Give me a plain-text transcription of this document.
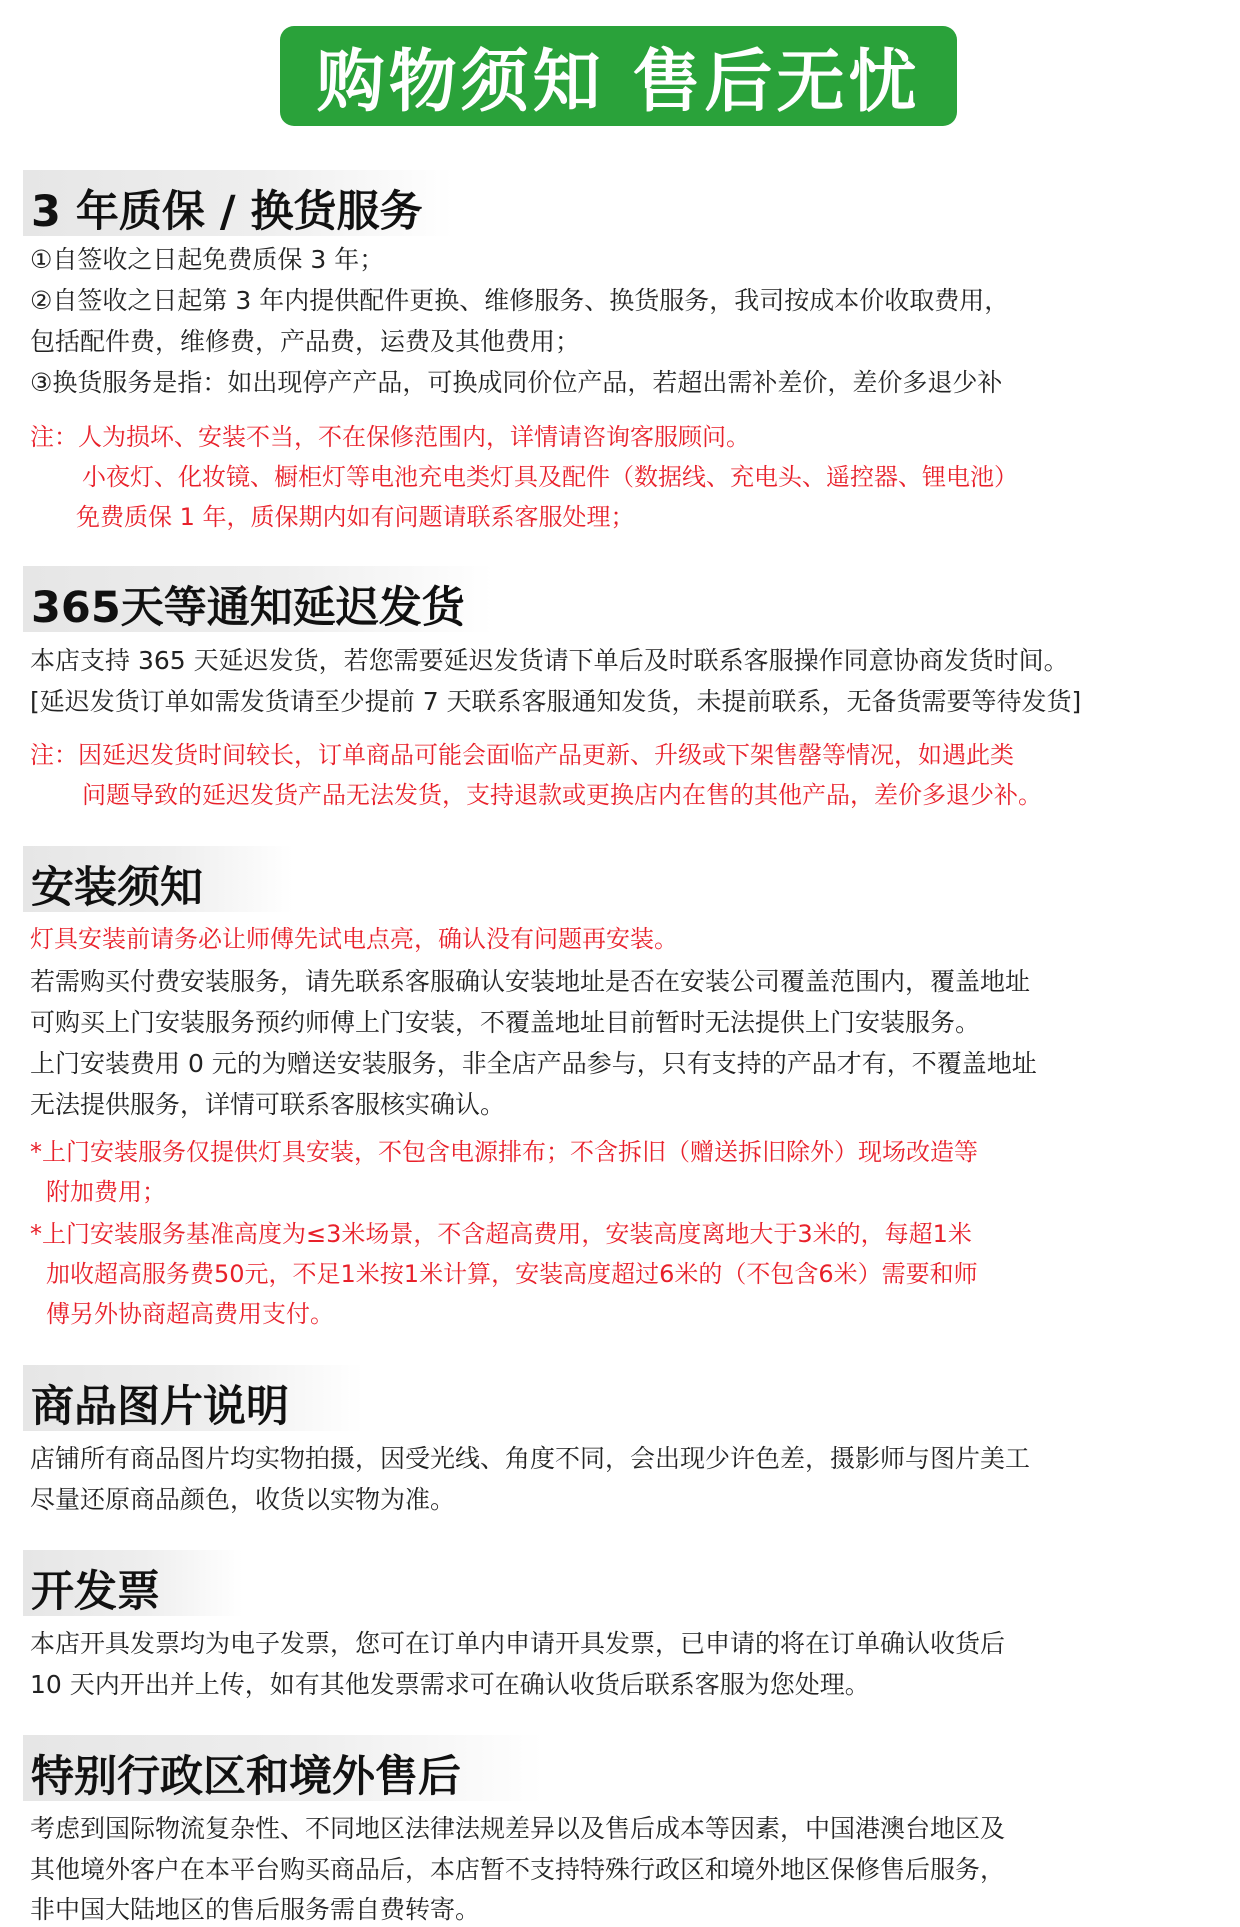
购物须知 售后无忧
3 年质保 / 换货服务
①自签收之日起免费质保 3 年；
②自签收之日起第 3 年内提供配件更换、维修服务、换货服务，我司按成本价收取费用，
包括配件费，维修费，产品费，运费及其他费用；
③换货服务是指：如出现停产产品，可换成同价位产品，若超出需补差价，差价多退少补
注：人为损坏、安装不当，不在保修范围内，详情请咨询客服顾问。
小夜灯、化妆镜、橱柜灯等电池充电类灯具及配件（数据线、充电头、遥控器、锂电池）
免费质保 1 年，质保期内如有问题请联系客服处理；
365天等通知延迟发货
本店支持 365 天延迟发货，若您需要延迟发货请下单后及时联系客服操作同意协商发货时间。
[延迟发货订单如需发货请至少提前 7 天联系客服通知发货，未提前联系，无备货需要等待发货]
注：因延迟发货时间较长，订单商品可能会面临产品更新、升级或下架售罄等情况，如遇此类
问题导致的延迟发货产品无法发货，支持退款或更换店内在售的其他产品，差价多退少补。
安装须知
灯具安装前请务必让师傅先试电点亮，确认没有问题再安装。
若需购买付费安装服务，请先联系客服确认安装地址是否在安装公司覆盖范围内，覆盖地址
可购买上门安装服务预约师傅上门安装，不覆盖地址目前暂时无法提供上门安装服务。
上门安装费用 0 元的为赠送安装服务，非全店产品参与，只有支持的产品才有，不覆盖地址
无法提供服务，详情可联系客服核实确认。
*上门安装服务仅提供灯具安装，不包含电源排布；不含拆旧（赠送拆旧除外）现场改造等
附加费用；
*上门安装服务基准高度为≤3米场景，不含超高费用，安装高度离地大于3米的，每超1米
加收超高服务费50元，不足1米按1米计算，安装高度超过6米的（不包含6米）需要和师
傅另外协商超高费用支付。
商品图片说明
店铺所有商品图片均实物拍摄，因受光线、角度不同，会出现少许色差，摄影师与图片美工
尽量还原商品颜色，收货以实物为准。
开发票
本店开具发票均为电子发票，您可在订单内申请开具发票，已申请的将在订单确认收货后
10 天内开出并上传，如有其他发票需求可在确认收货后联系客服为您处理。
特别行政区和境外售后
考虑到国际物流复杂性、不同地区法律法规差异以及售后成本等因素，中国港澳台地区及
其他境外客户在本平台购买商品后，本店暂不支持特殊行政区和境外地区保修售后服务，
非中国大陆地区的售后服务需自费转寄。
